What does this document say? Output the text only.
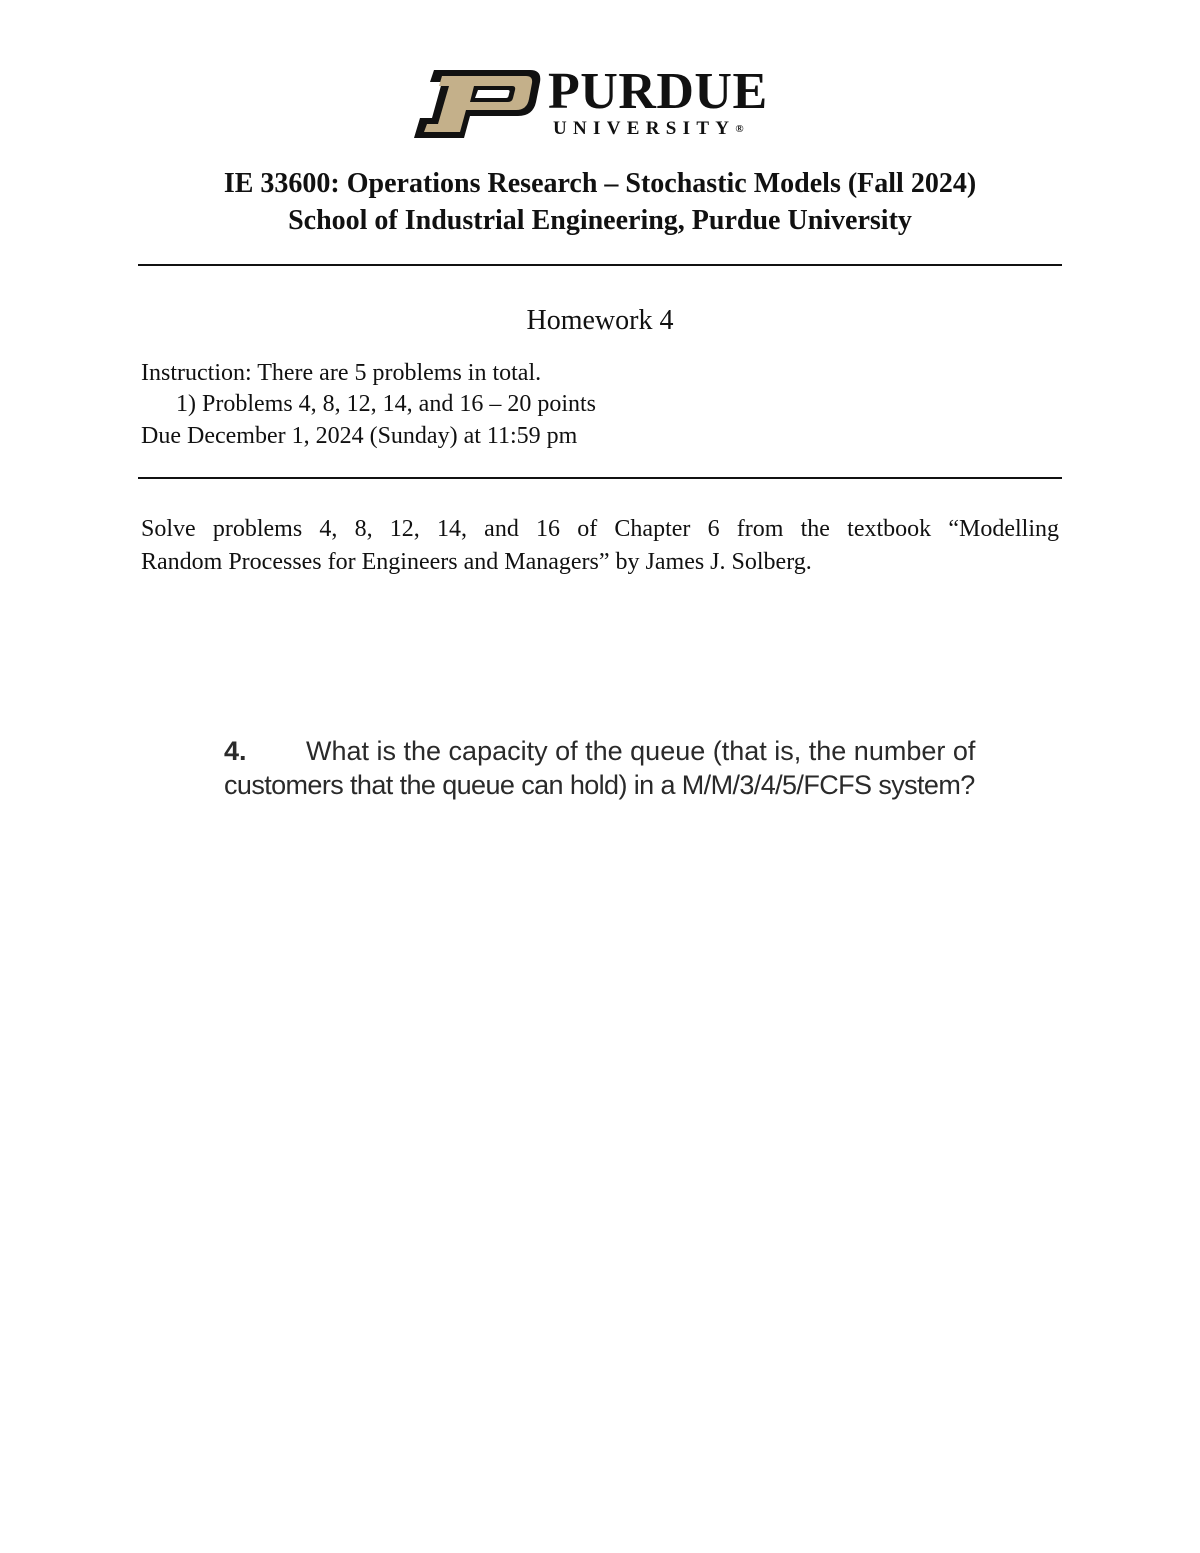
PURDUE
UNIVERSITY®
IE 33600: Operations Research – Stochastic Models (Fall 2024)
School of Industrial Engineering, Purdue University
Homework 4
Instruction: There are 5 problems in total.
1) Problems 4, 8, 12, 14, and 16 – 20 points
Due December 1, 2024 (Sunday) at 11:59 pm
Solve problems 4, 8, 12, 14, and 16 of Chapter 6 from the textbook “Modelling
Random Processes for Engineers and Managers” by James J. Solberg.
4. What is the capacity of the queue (that is, the number of
customers that the queue can hold) in a M/M/3/4/5/FCFS system?
